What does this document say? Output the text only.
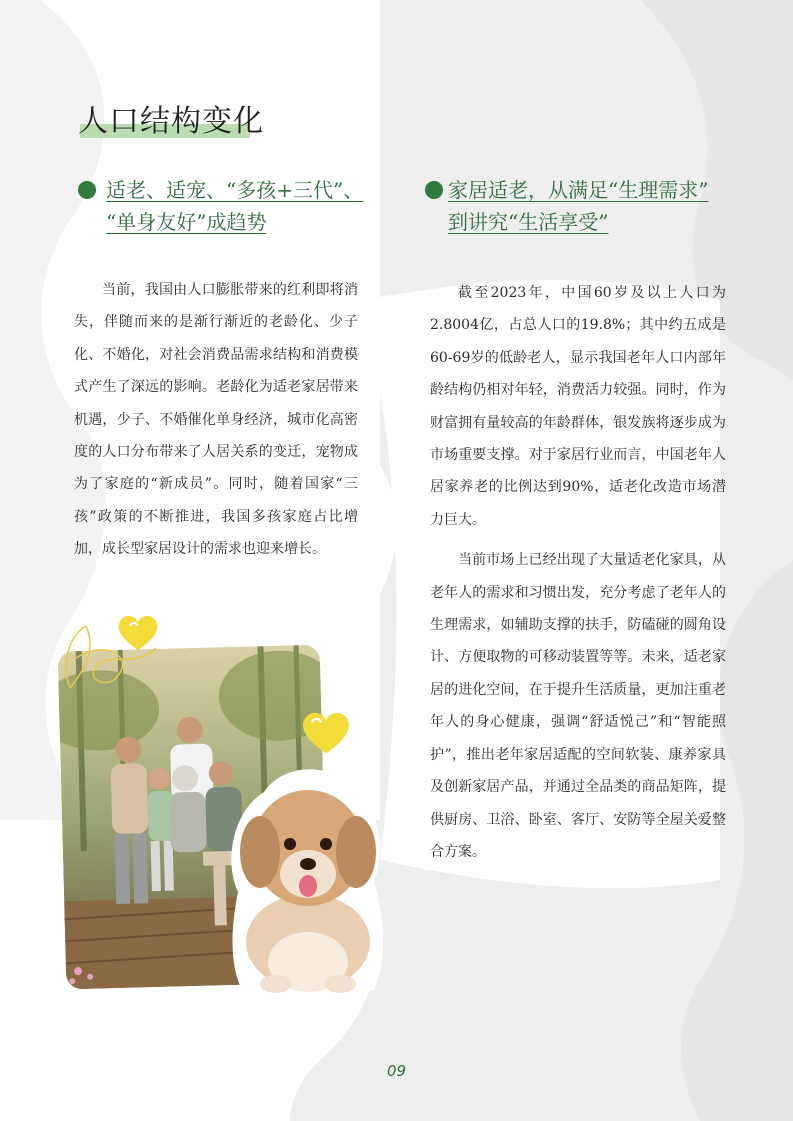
人口结构变化
适老、适宠、“多孩+三代”、
“单身友好”成趋势
家居适老，从满足“生理需求”
到讲究“生活享受”

当前，我国由人口膨胀带来的红利即将消失，伴随而来的是渐行渐近的老龄化、少子化、不婚化，对社会消费品需求结构和消费模式产生了深远的影响。老龄化为适老家居带来机遇，少子、不婚催化单身经济，城市化高密度的人口分布带来了人居关系的变迁，宠物成为了家庭的“新成员”。同时，随着国家“三孩”政策的不断推进，我国多孩家庭占比增加，成长型家居设计的需求也迎来增长。

截至2023年，中国60岁及以上人口为2.8004亿，占总人口的19.8%；其中约五成是60-69岁的低龄老人，显示我国老年人口内部年龄结构仍相对年轻，消费活力较强。同时，作为财富拥有量较高的年龄群体，银发族将逐步成为市场重要支撑。对于家居行业而言，中国老年人居家养老的比例达到90%，适老化改造市场潜力巨大。

当前市场上已经出现了大量适老化家具，从老年人的需求和习惯出发，充分考虑了老年人的生理需求，如辅助支撑的扶手，防磕碰的圆角设计、方便取物的可移动装置等等。未来，适老家居的进化空间，在于提升生活质量，更加注重老年人的身心健康，强调“舒适悦己”和“智能照护”，推出老年家居适配的空间软装、康养家具及创新家居产品，并通过全品类的商品矩阵，提供厨房、卫浴、卧室、客厅、安防等全屋关爱整合方案。

09
